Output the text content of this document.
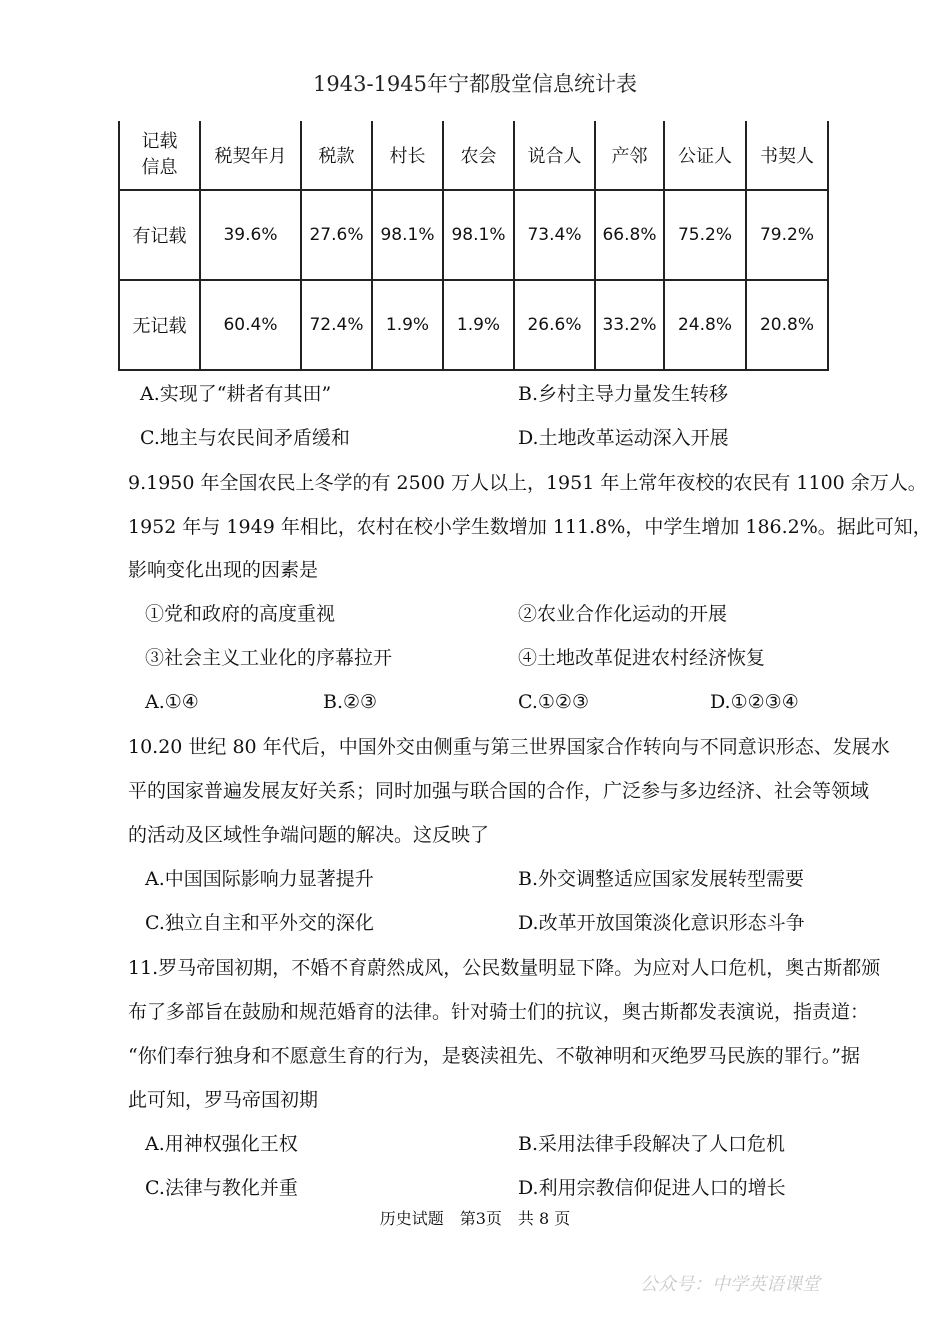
1943-1945年宁都殷堂信息统计表
记载
信息	税契年月	税款	村长	农会	说合人	产邻	公证人	书契人
有记载	39.6%	27.6%	98.1%	98.1%	73.4%	66.8%	75.2%	79.2%
无记载	60.4%	72.4%	1.9%	1.9%	26.6%	33.2%	24.8%	20.8%
A.实现了“耕者有其田”	B.乡村主导力量发生转移
C.地主与农民间矛盾缓和	D.土地改革运动深入开展
9.1950 年全国农民上冬学的有 2500 万人以上，1951 年上常年夜校的农民有 1100 余万人。
1952 年与 1949 年相比，农村在校小学生数增加 111.8%，中学生增加 186.2%。据此可知，
影响变化出现的因素是
①党和政府的高度重视	②农业合作化运动的开展
③社会主义工业化的序幕拉开	④土地改革促进农村经济恢复
A.①④	B.②③	C.①②③	D.①②③④
10.20 世纪 80 年代后，中国外交由侧重与第三世界国家合作转向与不同意识形态、发展水
平的国家普遍发展友好关系；同时加强与联合国的合作，广泛参与多边经济、社会等领域
的活动及区域性争端问题的解决。这反映了
A.中国国际影响力显著提升	B.外交调整适应国家发展转型需要
C.独立自主和平外交的深化	D.改革开放国策淡化意识形态斗争
11.罗马帝国初期，不婚不育蔚然成风，公民数量明显下降。为应对人口危机，奥古斯都颁
布了多部旨在鼓励和规范婚育的法律。针对骑士们的抗议，奥古斯都发表演说，指责道：
“你们奉行独身和不愿意生育的行为，是亵渎祖先、不敬神明和灭绝罗马民族的罪行。”据
此可知，罗马帝国初期
A.用神权强化王权	B.采用法律手段解决了人口危机
C.法律与教化并重	D.利用宗教信仰促进人口的增长
历史试题　第3页　共 8 页
公众号：中学英语课堂
